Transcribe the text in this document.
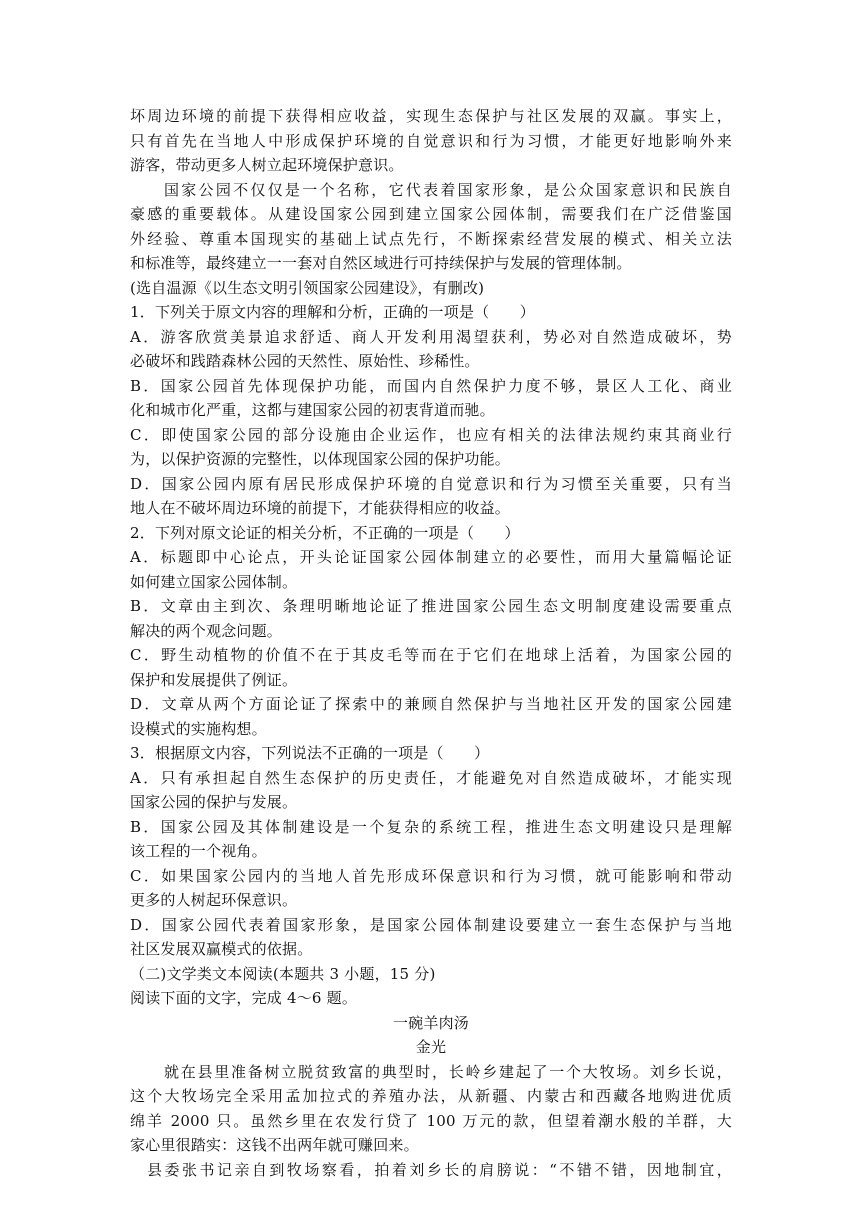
坏周边环境的前提下获得相应收益，实现生态保护与社区发展的双赢。事实上，
只有首先在当地人中形成保护环境的自觉意识和行为习惯，才能更好地影响外来
游客，带动更多人树立起环境保护意识。
国家公园不仅仅是一个名称，它代表着国家形象，是公众国家意识和民族自
豪感的重要载体。从建设国家公园到建立国家公园体制，需要我们在广泛借鉴国
外经验、尊重本国现实的基础上试点先行，不断探索经营发展的模式、相关立法
和标准等，最终建立一一套对自然区域进行可持续保护与发展的管理体制。
(选自温源《以生态文明引领国家公园建设》，有删改)
1．下列关于原文内容的理解和分析，正确的一项是（　　）
A．游客欣赏美景追求舒适、商人开发利用渴望获利，势必对自然造成破坏，势
必破坏和践踏森林公园的天然性、原始性、珍稀性。
B．国家公园首先体现保护功能，而国内自然保护力度不够，景区人工化、商业
化和城市化严重，这都与建国家公园的初衷背道而驰。
C．即使国家公园的部分设施由企业运作，也应有相关的法律法规约束其商业行
为，以保护资源的完整性，以体现国家公园的保护功能。
D．国家公园内原有居民形成保护环境的自觉意识和行为习惯至关重要，只有当
地人在不破坏周边环境的前提下，才能获得相应的收益。
2．下列对原文论证的相关分析，不正确的一项是（　　）
A．标题即中心论点，开头论证国家公园体制建立的必要性，而用大量篇幅论证
如何建立国家公园体制。
B．文章由主到次、条理明晰地论证了推进国家公园生态文明制度建设需要重点
解决的两个观念问题。
C．野生动植物的价值不在于其皮毛等而在于它们在地球上活着，为国家公园的
保护和发展提供了例证。
D．文章从两个方面论证了探索中的兼顾自然保护与当地社区开发的国家公园建
设模式的实施构想。
3．根据原文内容，下列说法不正确的一项是（　　）
A．只有承担起自然生态保护的历史责任，才能避免对自然造成破坏，才能实现
国家公园的保护与发展。
B．国家公园及其体制建设是一个复杂的系统工程，推进生态文明建设只是理解
该工程的一个视角。
C．如果国家公园内的当地人首先形成环保意识和行为习惯，就可能影响和带动
更多的人树起环保意识。
D．国家公园代表着国家形象，是国家公园体制建设要建立一套生态保护与当地
社区发展双赢模式的依据。
（二)文学类文本阅读(本题共 3 小题，15 分)
阅读下面的文字，完成 4～6 题。
一碗羊肉汤
金光
就在县里准备树立脱贫致富的典型时，长岭乡建起了一个大牧场。刘乡长说，
这个大牧场完全采用孟加拉式的养殖办法，从新疆、内蒙古和西藏各地购进优质
绵羊 2000 只。虽然乡里在农发行贷了 100 万元的款，但望着潮水般的羊群，大
家心里很踏实：这钱不出两年就可赚回来。
县委张书记亲自到牧场察看，拍着刘乡长的肩膀说：“不错不错，因地制宜，
